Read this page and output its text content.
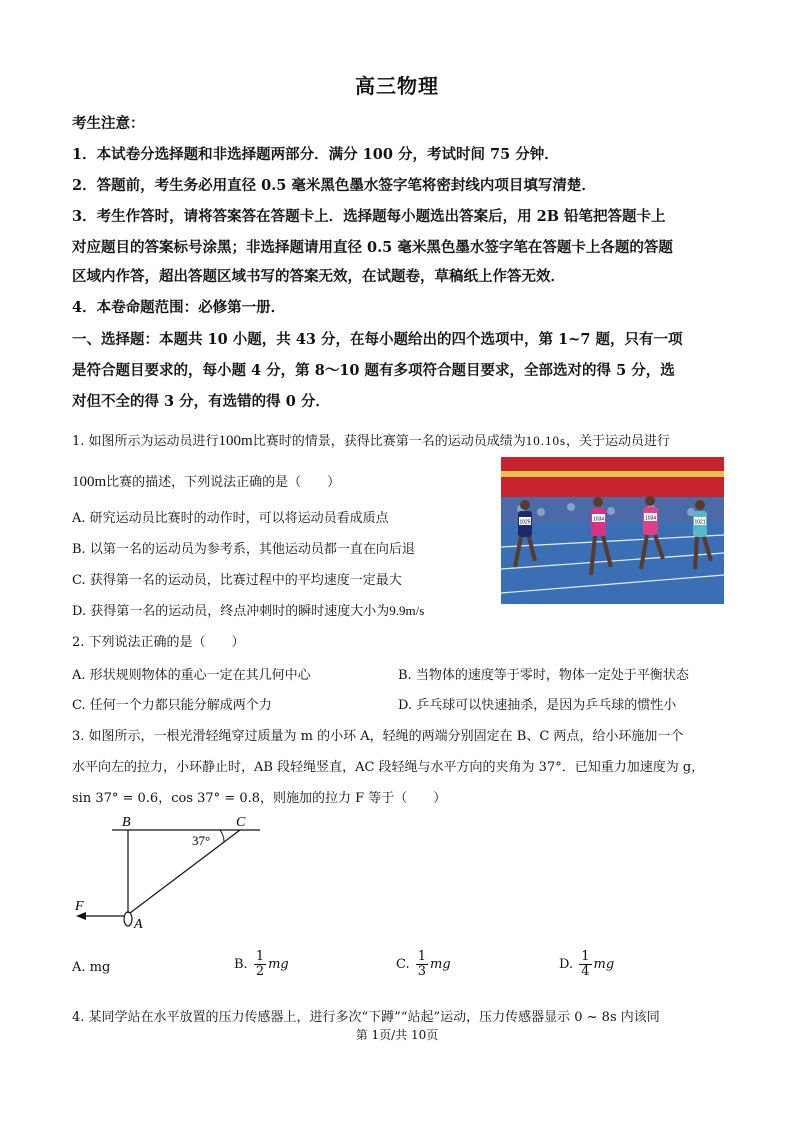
高三物理
考生注意：
1．本试卷分选择题和非选择题两部分．满分 100 分，考试时间 75 分钟．
2．答题前，考生务必用直径 0.5 毫米黑色墨水签字笔将密封线内项目填写清楚．
3．考生作答时，请将答案答在答题卡上．选择题每小题选出答案后，用 2B 铅笔把答题卡上
对应题目的答案标号涂黑；非选择题请用直径 0.5 毫米黑色墨水签字笔在答题卡上各题的答题
区域内作答，超出答题区域书写的答案无效，在试题卷，草稿纸上作答无效．
4．本卷命题范围：必修第一册．
一、选择题：本题共 10 小题，共 43 分，在每小题给出的四个选项中，第 1~7 题，只有一项
是符合题目要求的，每小题 4 分，第 8～10 题有多项符合题目要求，全部选对的得 5 分，选
对但不全的得 3 分，有选错的得 0 分．
1. 如图所示为运动员进行100m比赛时的情景，获得比赛第一名的运动员成绩为10.10s，关于运动员进行
100m比赛的描述，下列说法正确的是（　　）
A. 研究运动员比赛时的动作时，可以将运动员看成质点
B. 以第一名的运动员为参考系，其他运动员都一直在向后退
C. 获得第一名的运动员，比赛过程中的平均速度一定最大
D. 获得第一名的运动员，终点冲刺时的瞬时速度大小为9.9m/s
1025	1034	1034
1021
2. 下列说法正确的是（　　）
A. 形状规则物体的重心一定在其几何中心	B. 当物体的速度等于零时，物体一定处于平衡状态
C. 任何一个力都只能分解成两个力	D. 乒乓球可以快速抽杀，是因为乒乓球的惯性小
3. 如图所示，一根光滑轻绳穿过质量为 m 的小环 A，轻绳的两端分别固定在 B、C 两点，给小环施加一个
水平向左的拉力，小环静止时，AB 段轻绳竖直，AC 段轻绳与水平方向的夹角为 37°．已知重力加速度为 g，
sin 37° = 0.6，cos 37° = 0.8，则施加的拉力 F 等于（　　）
B	C
A
F
37°
A. mg	B. $\frac{1}{2}$ mg	C. $\frac{1}{3}$ mg	D. $\frac{1}{4}$ mg
4. 某同学站在水平放置的压力传感器上，进行多次“下蹲”“站起”运动，压力传感器显示 0 ~ 8s 内该同
第 1页/共 10页
